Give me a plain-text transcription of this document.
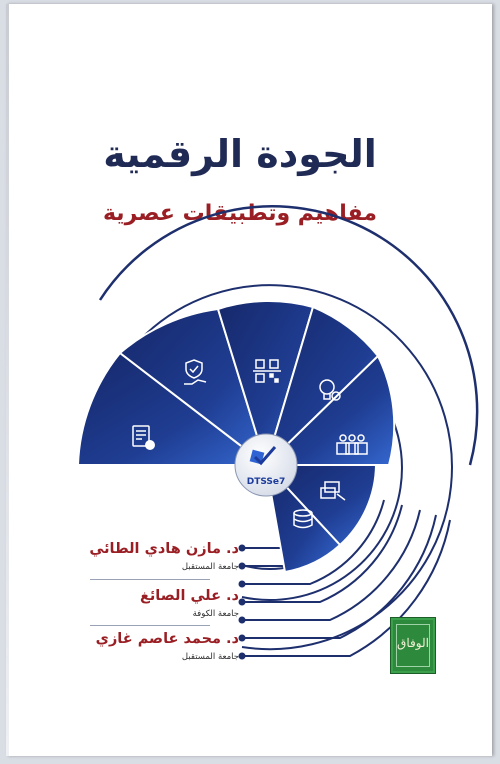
الجودة الرقمية
مفاهيم وتطبيقات عصرية
DTSSe7
د. مازن هادي الطائي
جامعة المستقبل
د. علي الصائغ
جامعة الكوفة
د. محمد عاصم غازي
جامعة المستقبل
الوفاق
